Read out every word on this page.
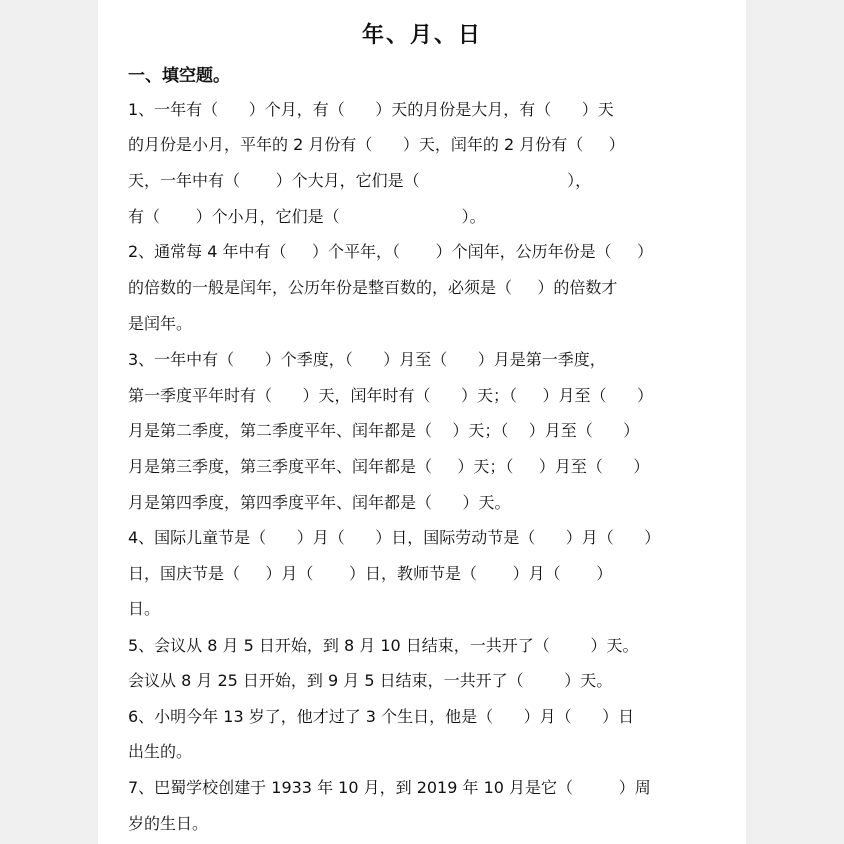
年、月、日
一、填空题。
1、一年有（      ）个月，有（      ）天的月份是大月，有（      ）天
的月份是小月，平年的 2 月份有（      ）天，闰年的 2 月份有（     ）
天，一年中有（       ）个大月，它们是（                             ），
有（       ）个小月，它们是（                        ）。
2、通常每 4 年中有（     ）个平年，（       ）个闰年，公历年份是（     ）
的倍数的一般是闰年，公历年份是整百数的，必须是（     ）的倍数才
是闰年。
3、一年中有（      ）个季度，（      ）月至（      ）月是第一季度，
第一季度平年时有（      ）天，闰年时有（      ）天；（     ）月至（      ）
月是第二季度，第二季度平年、闰年都是（    ）天；（    ）月至（      ）
月是第三季度，第三季度平年、闰年都是（     ）天；（     ）月至（      ）
月是第四季度，第四季度平年、闰年都是（      ）天。
4、国际儿童节是（      ）月（      ）日，国际劳动节是（      ）月（      ）
日，国庆节是（     ）月（       ）日，教师节是（       ）月（       ）
日。
5、会议从 8 月 5 日开始，到 8 月 10 日结束，一共开了（        ）天。
会议从 8 月 25 日开始，到 9 月 5 日结束，一共开了（        ）天。
6、小明今年 13 岁了，他才过了 3 个生日，他是（      ）月（      ）日
出生的。
7、巴蜀学校创建于 1933 年 10 月，到 2019 年 10 月是它（         ）周
岁的生日。
